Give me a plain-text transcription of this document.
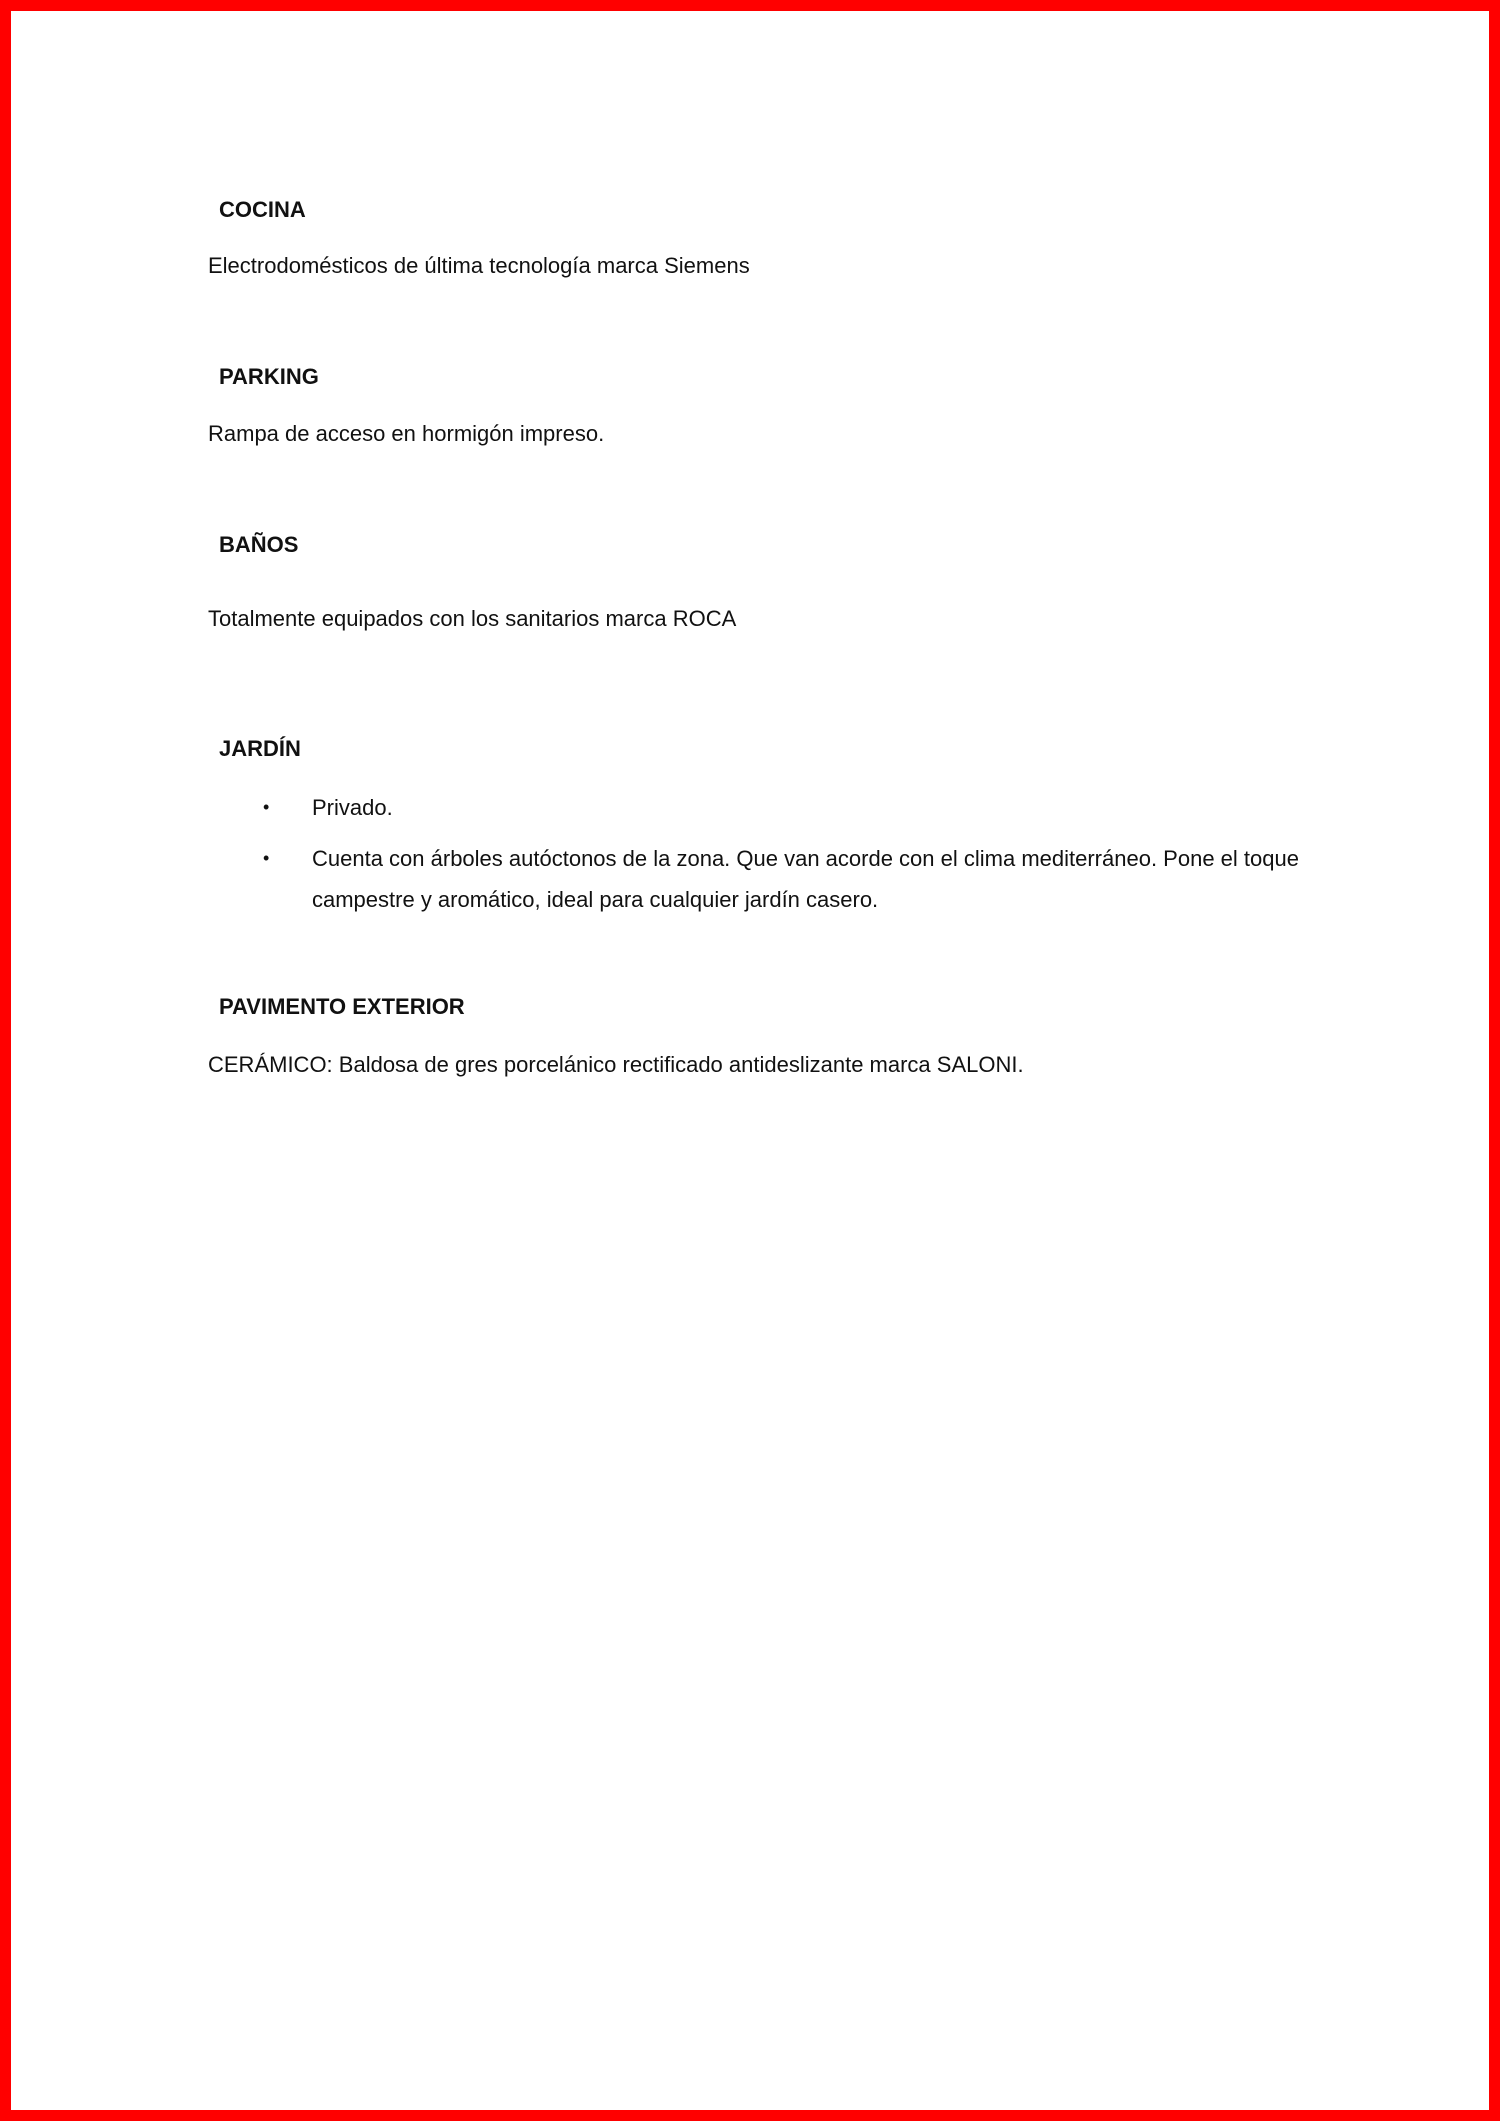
COCINA
Electrodomésticos de última tecnología marca Siemens
PARKING
Rampa de acceso en hormigón impreso.
BAÑOS
Totalmente equipados con los sanitarios marca ROCA
JARDÍN
• Privado.
• Cuenta con árboles autóctonos de la zona. Que van acorde con el clima mediterráneo. Pone el toque campestre y aromático, ideal para cualquier jardín casero.
PAVIMENTO EXTERIOR
CERÁMICO: Baldosa de gres porcelánico rectificado antideslizante marca SALONI.
